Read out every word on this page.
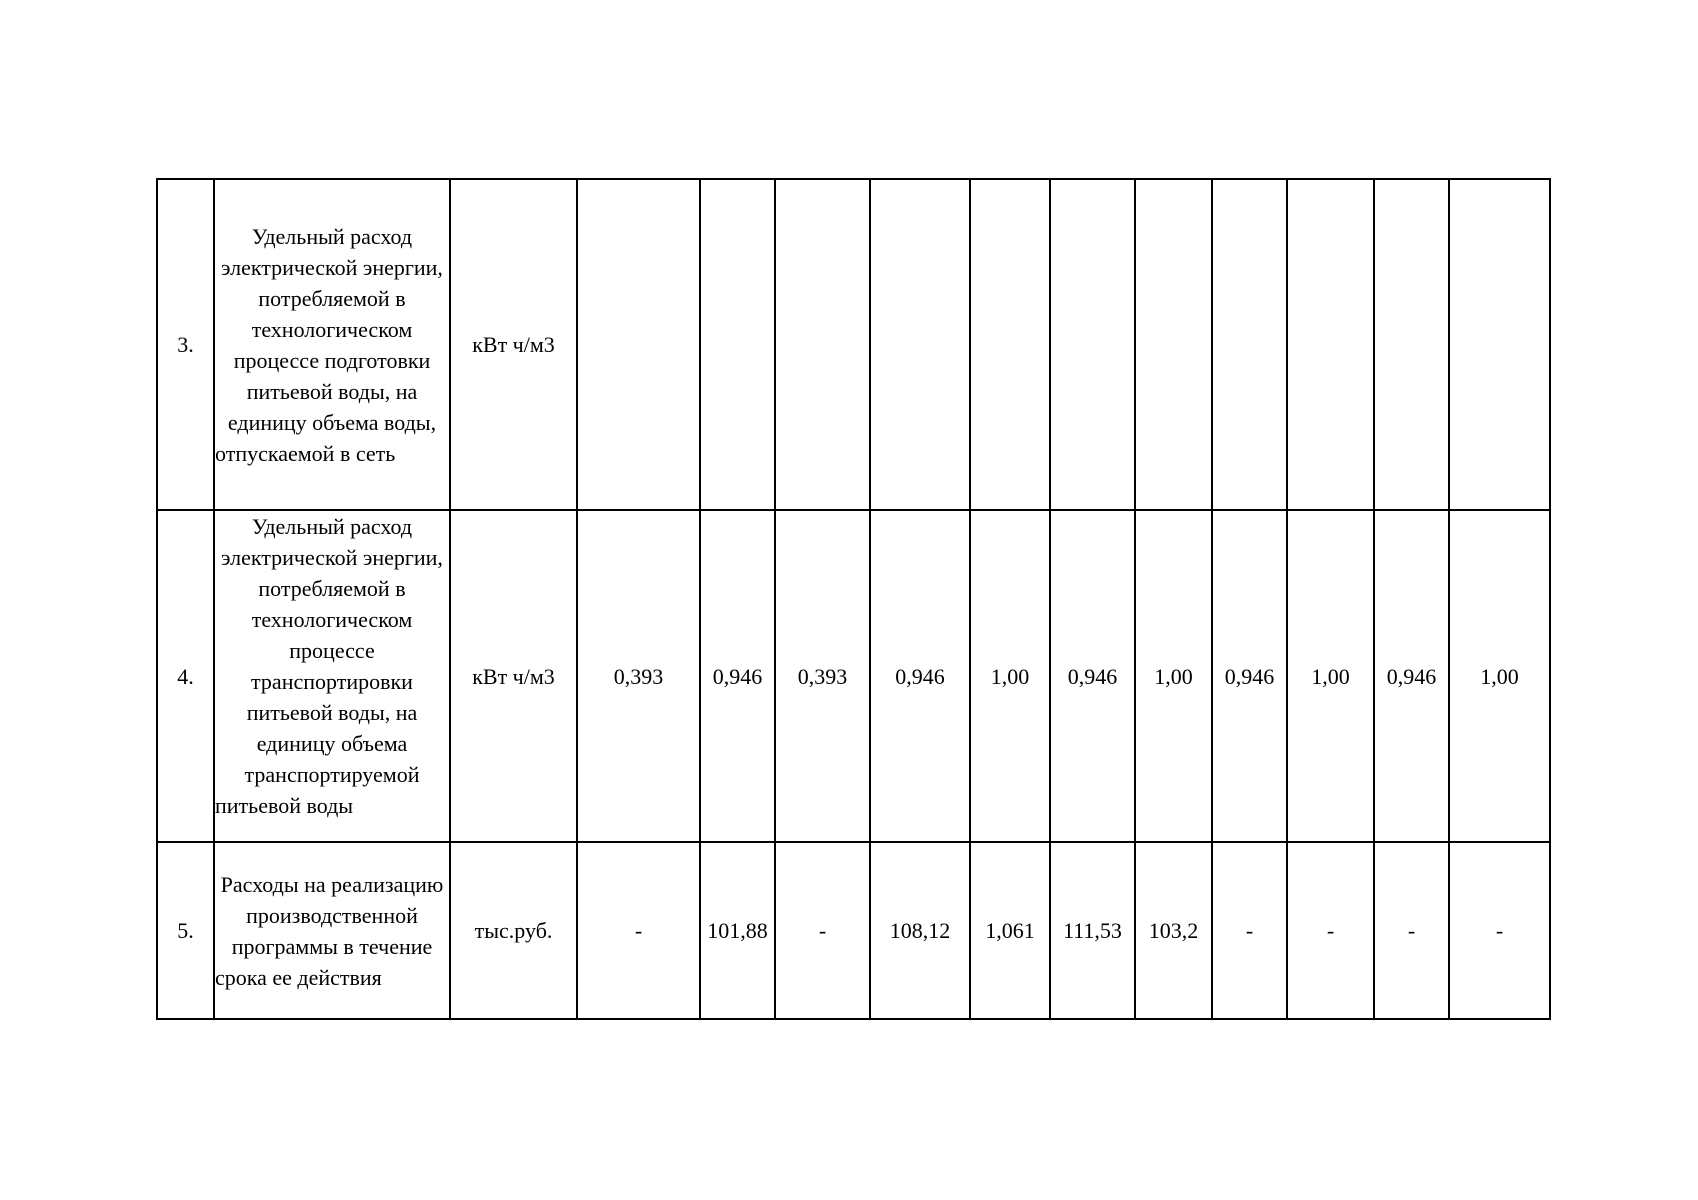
3.	Удельный расход электрической энергии, потребляемой в технологическом процессе подготовки питьевой воды, на единицу объема воды, отпускаемой в сеть	кВт ч/м3											
4.	Удельный расход электрической энергии, потребляемой в технологическом процессе транспортировки питьевой воды, на единицу объема транспортируемой питьевой воды	кВт ч/м3	0,393	0,946	0,393	0,946	1,00	0,946	1,00	0,946	1,00	0,946	1,00
5.	Расходы на реализацию производственной программы в течение срока ее действия	тыс.руб.	-	101,88	-	108,12	1,061	111,53	103,2	-	-	-	-
